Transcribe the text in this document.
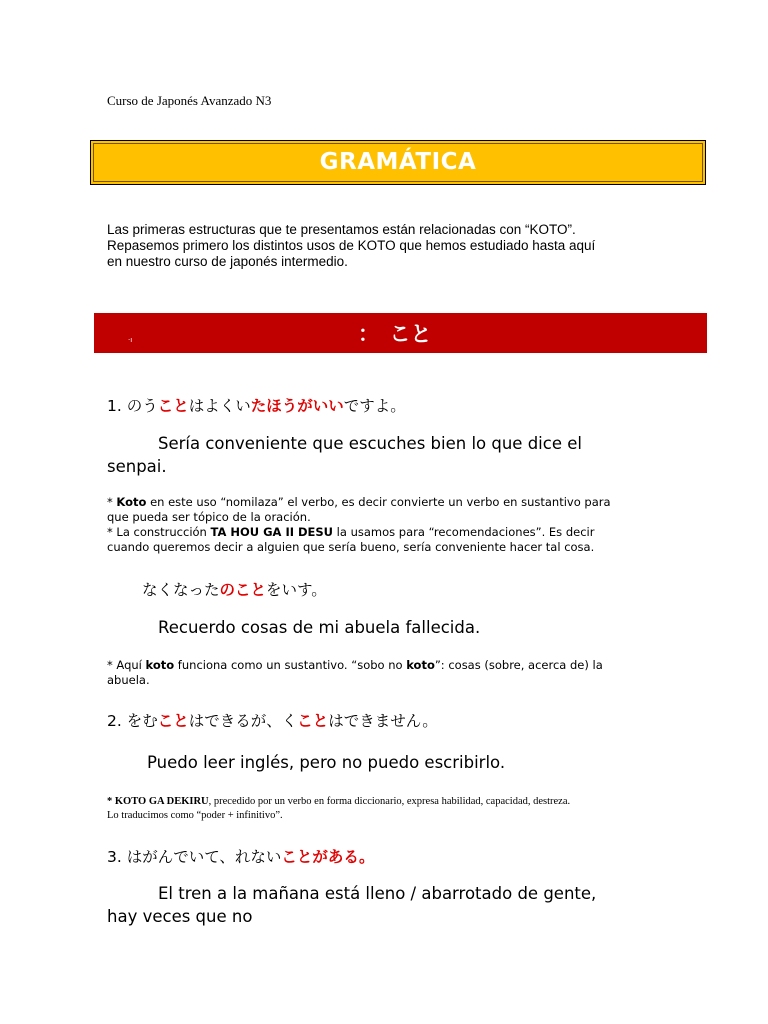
Curso de Japonés Avanzado N3
GRAMÁTICA
Las primeras estructuras que te presentamos están relacionadas con “KOTO”.
Repasemos primero los distintos usos de KOTO que hemos estudiado hasta aquí
en nuestro curso de japonés intermedio.
·ı	：　こと
1. のうことはよくいたほうがいいですよ。
Sería conveniente que escuches bien lo que dice el
senpai.
* Koto en este uso “nomilaza” el verbo, es decir convierte un verbo en sustantivo para
que pueda ser tópico de la oración.
* La construcción TA HOU GA II DESU la usamos para “recomendaciones”. Es decir
cuando queremos decir a alguien que sería bueno, sería conveniente hacer tal cosa.
なくなったのことをいす。
Recuerdo cosas de mi abuela fallecida.
* Aquí koto funciona como un sustantivo. “sobo no koto”: cosas (sobre, acerca de) la
abuela.
2. をむことはできるが、くことはできません。
Puedo leer inglés, pero no puedo escribirlo.
* KOTO GA DEKIRU, precedido por un verbo en forma diccionario, expresa habilidad, capacidad, destreza.
Lo traducimos como “poder + infinitivo”.
3. はがんでいて、れないことがある。
El tren a la mañana está lleno / abarrotado de gente,
hay veces que no
